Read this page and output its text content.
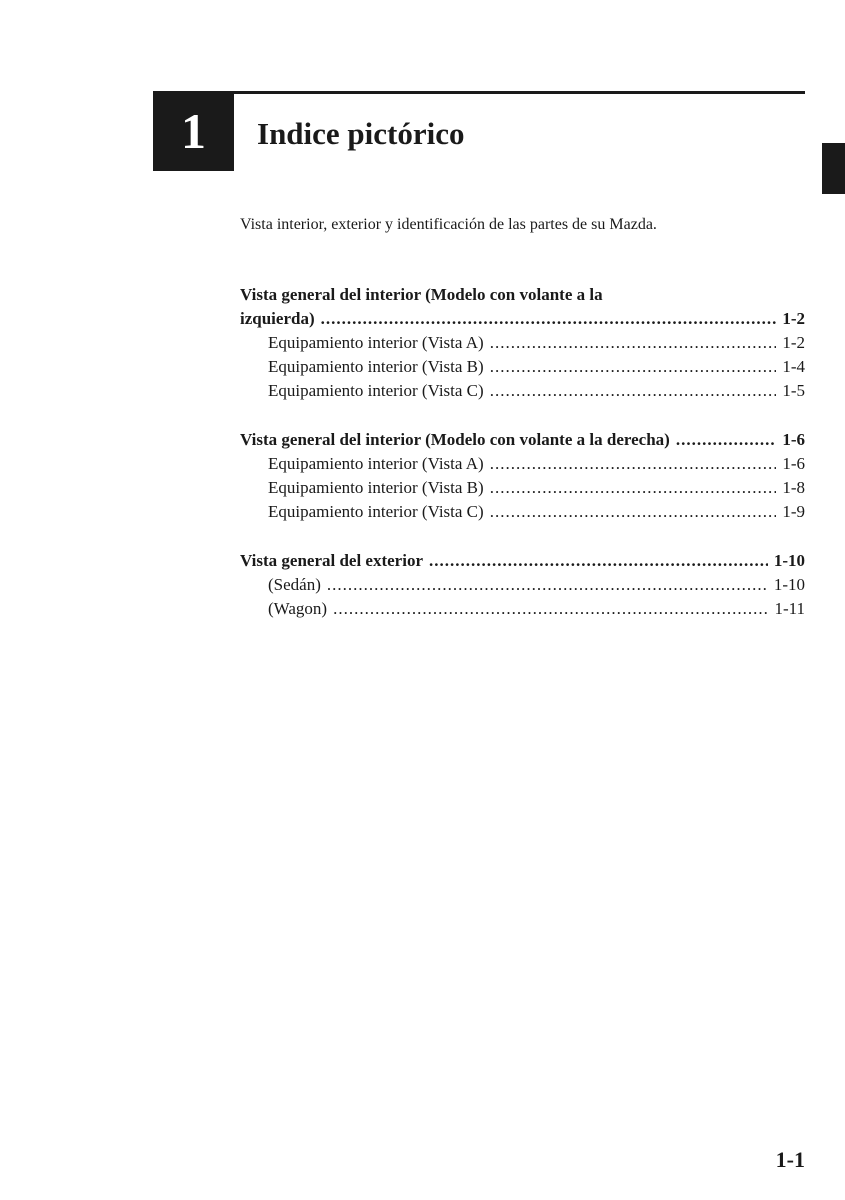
1	Indice pictórico
Vista interior, exterior y identificación de las partes de su Mazda.
Vista general del interior (Modelo con volante a la
izquierda) .....	1-2
Equipamiento interior (Vista A) .....	1-2
Equipamiento interior (Vista B) .....	1-4
Equipamiento interior (Vista C) .....	1-5
Vista general del interior (Modelo con volante a la derecha) .....	1-6
Equipamiento interior (Vista A) .....	1-6
Equipamiento interior (Vista B) .....	1-8
Equipamiento interior (Vista C) .....	1-9
Vista general del exterior .....	1-10
(Sedán) .....	1-10
(Wagon) .....	1-11
1-1
